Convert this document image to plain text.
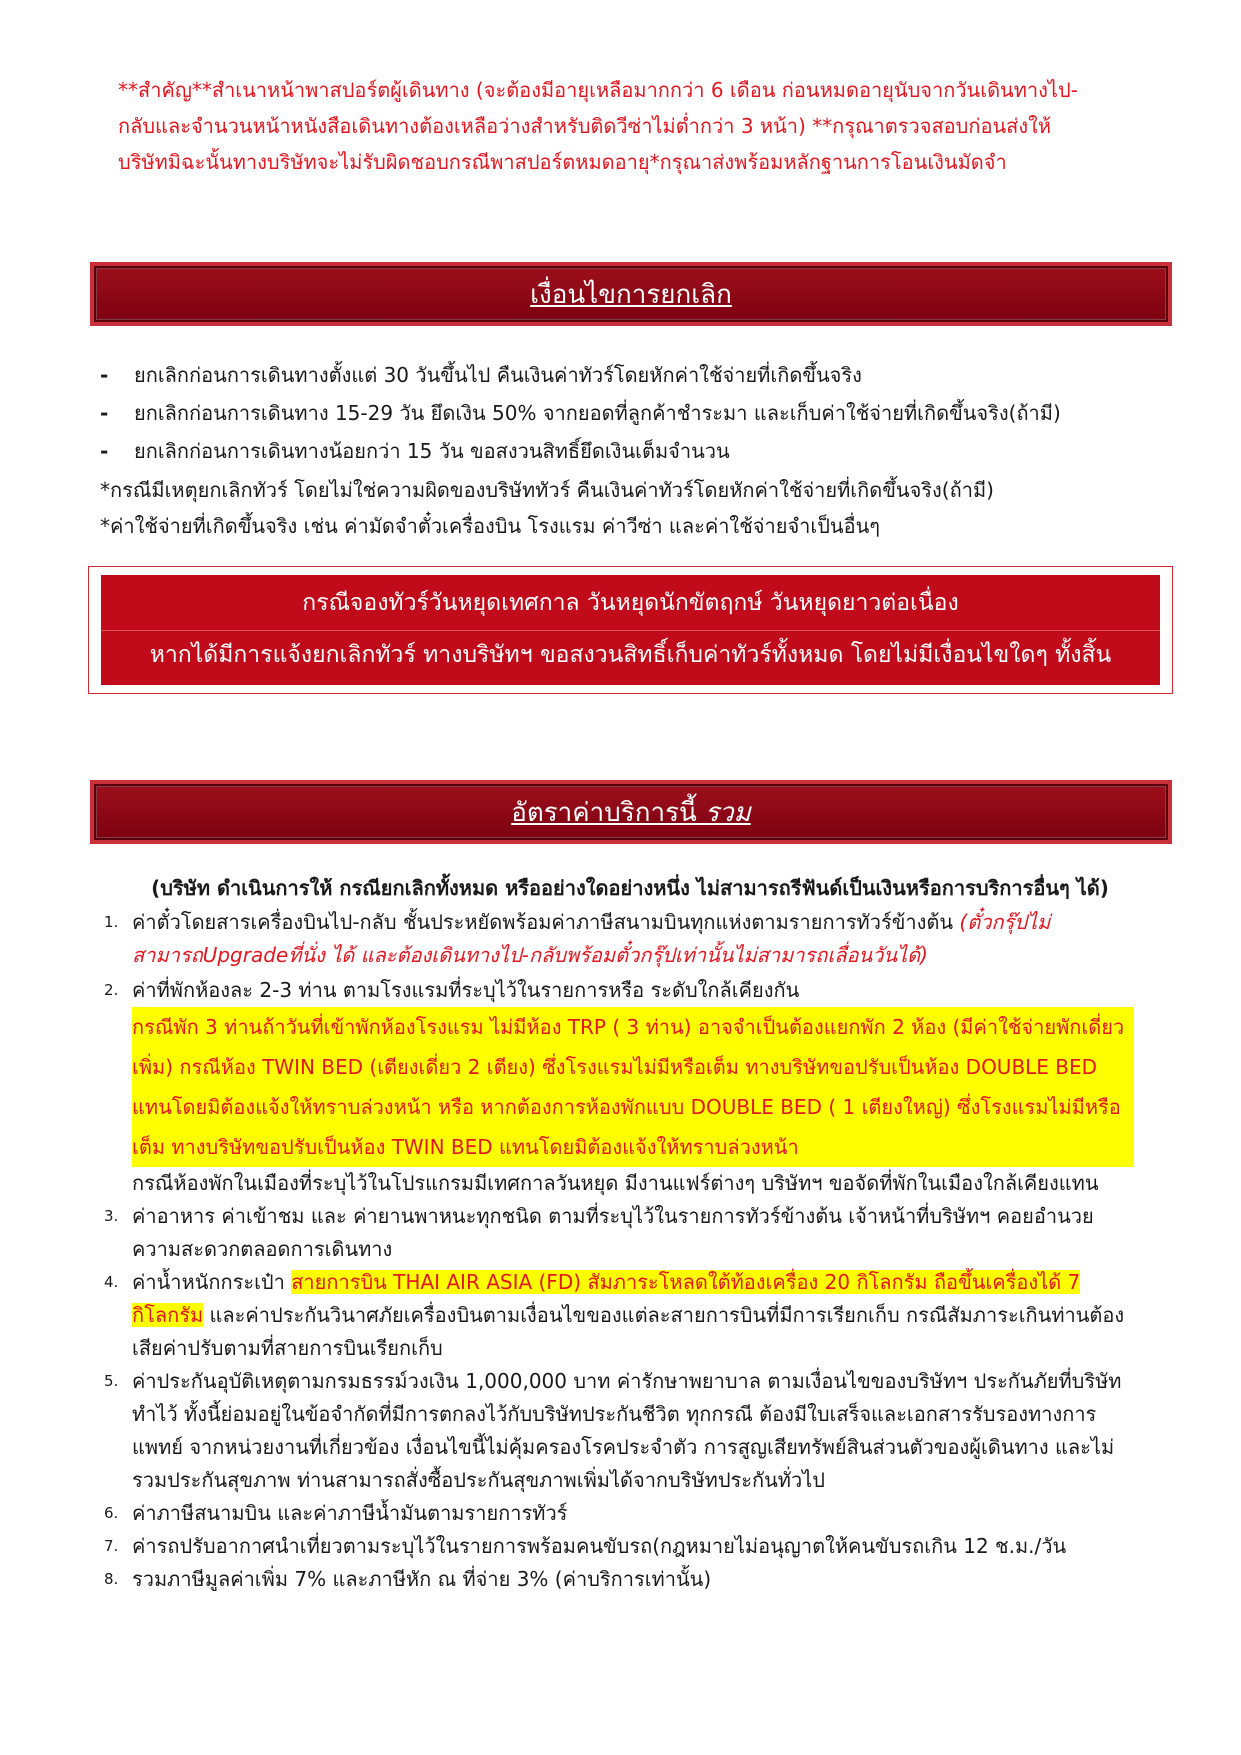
**สำคัญ**สำเนาหน้าพาสปอร์ตผู้เดินทาง (จะต้องมีอายุเหลือมากกว่า 6 เดือน ก่อนหมดอายุนับจากวันเดินทางไป-
กลับและจำนวนหน้าหนังสือเดินทางต้องเหลือว่างสำหรับติดวีซ่าไม่ต่ำกว่า 3 หน้า) **กรุณาตรวจสอบก่อนส่งให้
บริษัทมิฉะนั้นทางบริษัทจะไม่รับผิดชอบกรณีพาสปอร์ตหมดอายุ*กรุณาส่งพร้อมหลักฐานการโอนเงินมัดจำ
เงื่อนไขการยกเลิก
-	ยกเลิกก่อนการเดินทางตั้งแต่ 30 วันขึ้นไป คืนเงินค่าทัวร์โดยหักค่าใช้จ่ายที่เกิดขึ้นจริง
-	ยกเลิกก่อนการเดินทาง 15-29 วัน ยึดเงิน 50% จากยอดที่ลูกค้าชำระมา และเก็บค่าใช้จ่ายที่เกิดขึ้นจริง(ถ้ามี)
-	ยกเลิกก่อนการเดินทางน้อยกว่า 15 วัน ขอสงวนสิทธิ์ยึดเงินเต็มจำนวน
*กรณีมีเหตุยกเลิกทัวร์ โดยไม่ใช่ความผิดของบริษัททัวร์ คืนเงินค่าทัวร์โดยหักค่าใช้จ่ายที่เกิดขึ้นจริง(ถ้ามี)
*ค่าใช้จ่ายที่เกิดขึ้นจริง เช่น ค่ามัดจำตั๋วเครื่องบิน โรงแรม ค่าวีซ่า และค่าใช้จ่ายจำเป็นอื่นๆ
กรณีจองทัวร์วันหยุดเทศกาล วันหยุดนักขัตฤกษ์ วันหยุดยาวต่อเนื่อง
หากได้มีการแจ้งยกเลิกทัวร์ ทางบริษัทฯ ขอสงวนสิทธิ์เก็บค่าทัวร์ทั้งหมด โดยไม่มีเงื่อนไขใดๆ ทั้งสิ้น
อัตราค่าบริการนี้ รวม
(บริษัท ดำเนินการให้ กรณียกเลิกทั้งหมด หรืออย่างใดอย่างหนึ่ง ไม่สามารถรีฟันด์เป็นเงินหรือการบริการอื่นๆ ได้)
1. ค่าตั๋วโดยสารเครื่องบินไป-กลับ ชั้นประหยัดพร้อมค่าภาษีสนามบินทุกแห่งตามรายการทัวร์ข้างต้น (ตั๋วกรุ๊ปไม่สามารถUpgradeที่นั่ง ได้ และต้องเดินทางไป-กลับพร้อมตั๋วกรุ๊ปเท่านั้นไม่สามารถเลื่อนวันได้)
2. ค่าที่พักห้องละ 2-3 ท่าน ตามโรงแรมที่ระบุไว้ในรายการหรือ ระดับใกล้เคียงกัน
กรณีพัก 3 ท่านถ้าวันที่เข้าพักห้องโรงแรม ไม่มีห้อง TRP ( 3 ท่าน) อาจจำเป็นต้องแยกพัก 2 ห้อง (มีค่าใช้จ่ายพักเดี่ยวเพิ่ม) กรณีห้อง TWIN BED (เตียงเดี่ยว 2 เตียง) ซึ่งโรงแรมไม่มีหรือเต็ม ทางบริษัทขอปรับเป็นห้อง DOUBLE BED แทนโดยมิต้องแจ้งให้ทราบล่วงหน้า หรือ หากต้องการห้องพักแบบ DOUBLE BED ( 1 เตียงใหญ่) ซึ่งโรงแรมไม่มีหรือเต็ม ทางบริษัทขอปรับเป็นห้อง TWIN BED แทนโดยมิต้องแจ้งให้ทราบล่วงหน้า
กรณีห้องพักในเมืองที่ระบุไว้ในโปรแกรมมีเทศกาลวันหยุด มีงานแฟร์ต่างๆ บริษัทฯ ขอจัดที่พักในเมืองใกล้เคียงแทน
3. ค่าอาหาร ค่าเข้าชม และ ค่ายานพาหนะทุกชนิด ตามที่ระบุไว้ในรายการทัวร์ข้างต้น เจ้าหน้าที่บริษัทฯ คอยอำนวยความสะดวกตลอดการเดินทาง
4. ค่าน้ำหนักกระเป๋า สายการบิน THAI AIR ASIA (FD) สัมภาระโหลดใต้ท้องเครื่อง 20 กิโลกรัม ถือขึ้นเครื่องได้ 7 กิโลกรัม และค่าประกันวินาศภัยเครื่องบินตามเงื่อนไขของแต่ละสายการบินที่มีการเรียกเก็บ กรณีสัมภาระเกินท่านต้องเสียค่าปรับตามที่สายการบินเรียกเก็บ
5. ค่าประกันอุบัติเหตุตามกรมธรรม์วงเงิน 1,000,000 บาท ค่ารักษาพยาบาล ตามเงื่อนไขของบริษัทฯ ประกันภัยที่บริษัททำไว้ ทั้งนี้ย่อมอยู่ในข้อจำกัดที่มีการตกลงไว้กับบริษัทประกันชีวิต ทุกกรณี ต้องมีใบเสร็จและเอกสารรับรองทางการแพทย์ จากหน่วยงานที่เกี่ยวข้อง เงื่อนไขนี้ไม่คุ้มครองโรคประจำตัว การสูญเสียทรัพย์สินส่วนตัวของผู้เดินทาง และไม่รวมประกันสุขภาพ ท่านสามารถสั่งซื้อประกันสุขภาพเพิ่มได้จากบริษัทประกันทั่วไป
6. ค่าภาษีสนามบิน และค่าภาษีน้ำมันตามรายการทัวร์
7. ค่ารถปรับอากาศนำเที่ยวตามระบุไว้ในรายการพร้อมคนขับรถ(กฎหมายไม่อนุญาตให้คนขับรถเกิน 12 ช.ม./วัน
8. รวมภาษีมูลค่าเพิ่ม 7% และภาษีหัก ณ ที่จ่าย 3% (ค่าบริการเท่านั้น)
